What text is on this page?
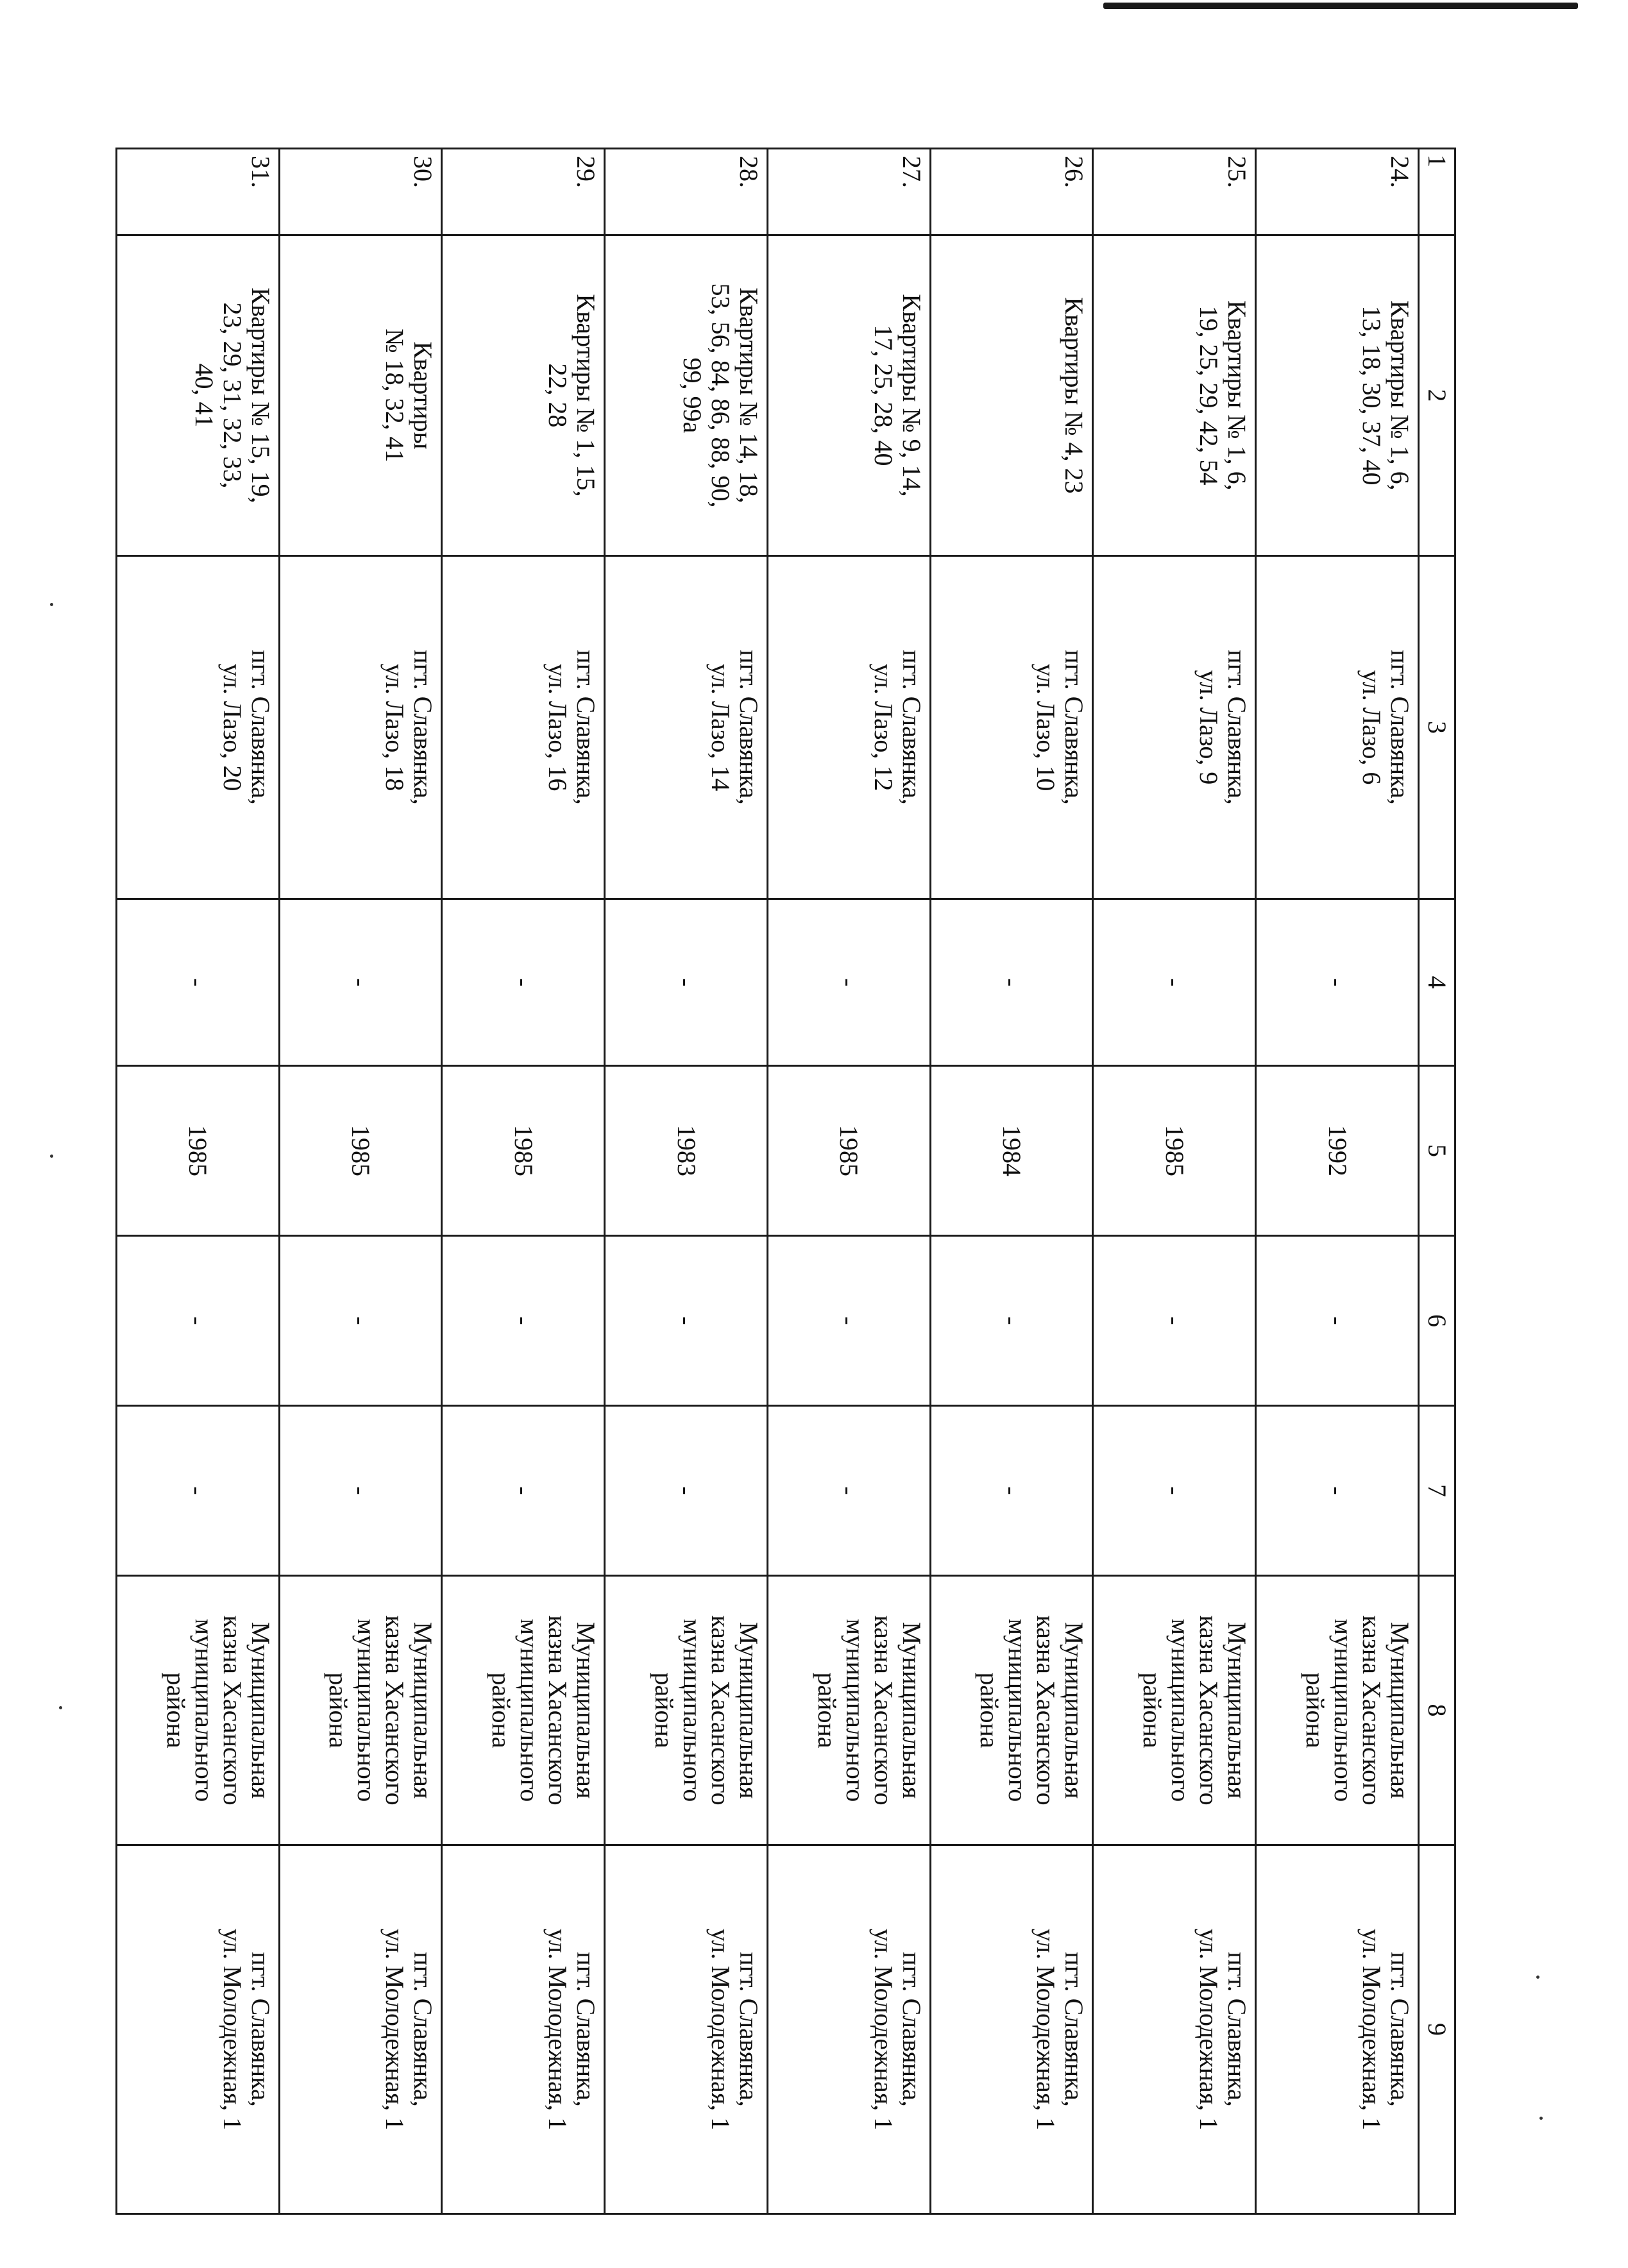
1	2	3	4	5	6	7	8	9
24.	Квартиры № 1, 6,
13, 18, 30, 37, 40	пгт. Славянка,
ул. Лазо, 6	-	1992	-	-	Муниципальная
казна Хасанского
муниципального
района	пгт. Славянка,
ул. Молодежная, 1
25.	Квартиры № 1, 6,
19, 25, 29, 42, 54	пгт. Славянка,
ул. Лазо, 9	-	1985	-	-	Муниципальная
казна Хасанского
муниципального
района	пгт. Славянка,
ул. Молодежная, 1
26.	Квартиры № 4, 23	пгт. Славянка,
ул. Лазо, 10	-	1984	-	-	Муниципальная
казна Хасанского
муниципального
района	пгт. Славянка,
ул. Молодежная, 1
27.	Квартиры № 9, 14,
17, 25, 28, 40	пгт. Славянка,
ул. Лазо, 12	-	1985	-	-	Муниципальная
казна Хасанского
муниципального
района	пгт. Славянка,
ул. Молодежная, 1
28.	Квартиры № 14, 18,
53, 56, 84, 86, 88, 90,
99, 99а	пгт. Славянка,
ул. Лазо, 14	-	1983	-	-	Муниципальная
казна Хасанского
муниципального
района	пгт. Славянка,
ул. Молодежная, 1
29.	Квартиры № 1, 15,
22, 28	пгт. Славянка,
ул. Лазо, 16	-	1985	-	-	Муниципальная
казна Хасанского
муниципального
района	пгт. Славянка,
ул. Молодежная, 1
30.	Квартиры
№ 18, 32, 41	пгт. Славянка,
ул. Лазо, 18	-	1985	-	-	Муниципальная
казна Хасанского
муниципального
района	пгт. Славянка,
ул. Молодежная, 1
31.	Квартиры № 15, 19,
23, 29, 31, 32, 33,
40, 41	пгт. Славянка,
ул. Лазо, 20	-	1985	-	-	Муниципальная
казна Хасанского
муниципального
района	пгт. Славянка,
ул. Молодежная, 1
